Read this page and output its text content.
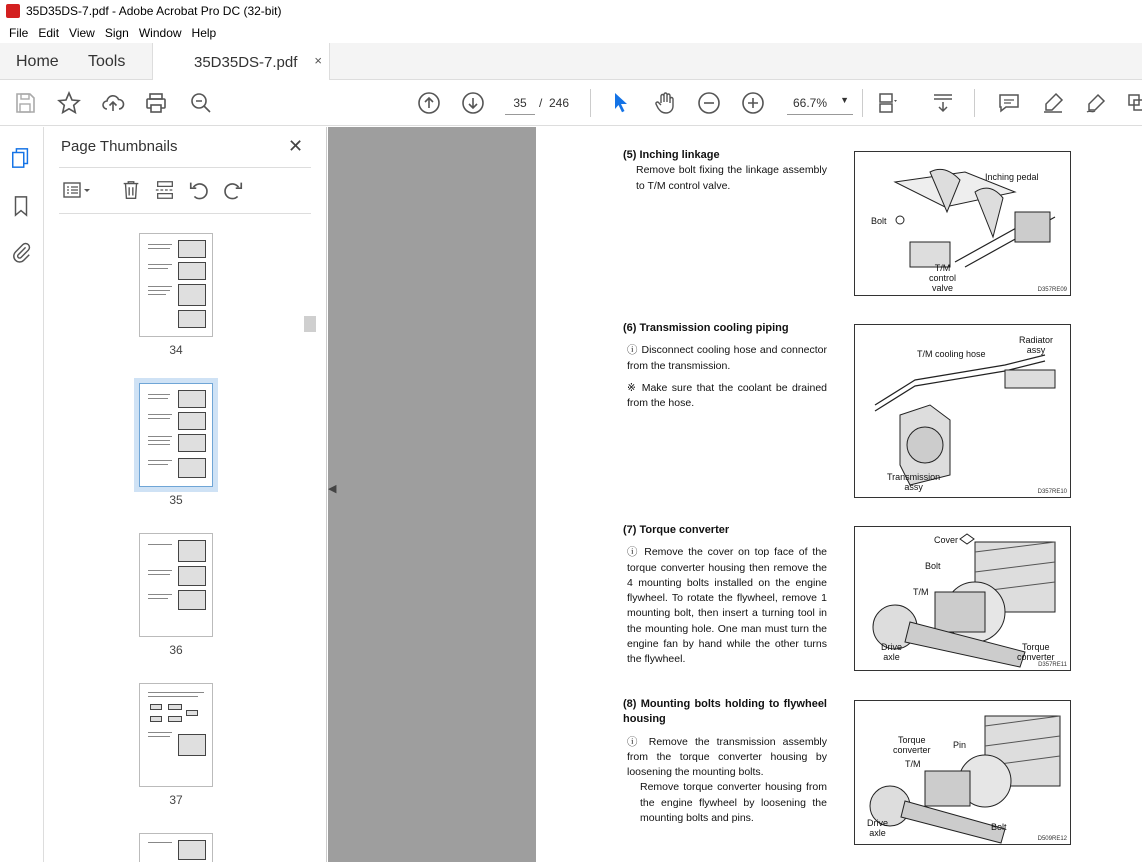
35D35DS-7.pdf - Adobe Acrobat Pro DC (32-bit)
File Edit View Sign Window Help
Home Tools	35D35DS-7.pdf ×
35	/ 246	66.7% ▼
Page Thumbnails	✕
34
35
36
37
◀
(5) Inching linkage

Remove bolt fixing the linkage assembly to T/M control valve.

Inching pedal
Bolt
T/M
control
valve	D357RE09
(6) Transmission cooling piping

ⓘ Disconnect cooling hose and connector from the transmission.

※ Make sure that the coolant be drained from the hose.

Radiator
assy
T/M cooling hose
Transmission
assy	D357RE10
(7) Torque converter

ⓘ Remove the cover on top face of the torque converter housing then remove the 4 mounting bolts installed on the engine flywheel. To rotate the flywheel, remove 1 mounting bolt, then insert a turning tool in the mounting hole. One man must turn the engine fan by hand while the other turns the flywheel.

Cover
Bolt
T/M
Drive
axle
Torque
converter
D357RE11
(8) Mounting bolts holding to flywheel housing

ⓘ Remove the transmission assembly from the torque converter housing by loosening the mounting bolts.

Remove torque converter housing from the engine flywheel by loosening the mounting bolts and pins.

Torque
converter Pin
T/M
Drive
axle
Bolt
D509RE12
